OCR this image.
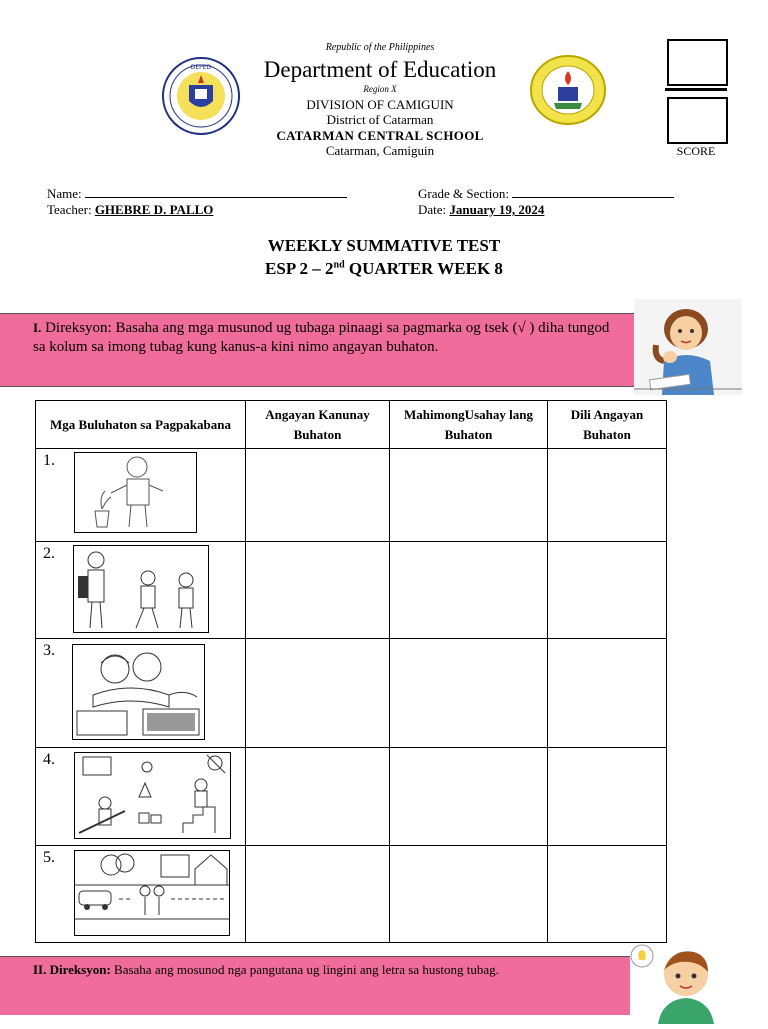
Republic of the Philippines
Department of Education
Region X
DIVISION OF CAMIGUIN
District of Catarman
CATARMAN CENTRAL SCHOOL
Catarman, Camiguin
DEPED
SCORE
Name:
Teacher: GHEBRE D. PALLO
Grade & Section:
Date: January 19, 2024
WEEKLY SUMMATIVE TEST
ESP 2 – 2nd QUARTER WEEK 8
I. Direksyon: Basaha ang mga musunod ug tubaga pinaagi sa pagmarka og tsek (√ ) diha tungod sa kolum sa imong tubag kung kanus-a kini nimo angayan buhaton.
Mga Buluhaton sa Pagpakabana	Angayan Kanunay Buhaton	MahimongUsahay lang Buhaton	Dili Angayan Buhaton

1.			

2.			

3.			

4.			

5.			

II. Direksyon: Basaha ang mosunod nga pangutana ug lingini ang letra sa hustong tubag.
